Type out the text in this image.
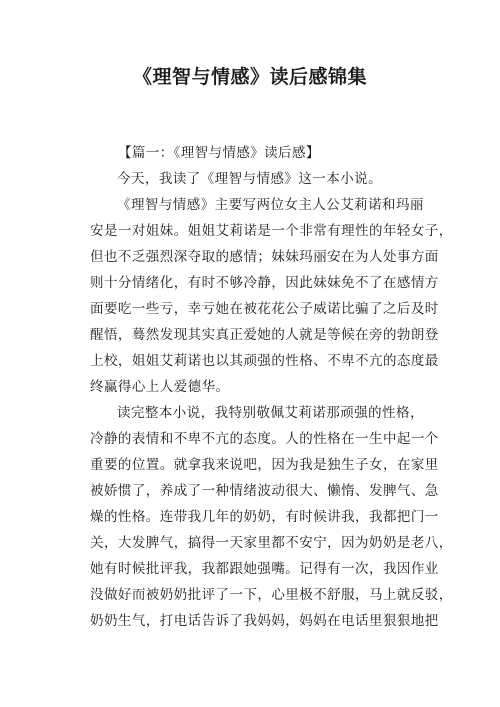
《理智与情感》读后感锦集
【篇一：《理智与情感》读后感】
今天，我读了《理智与情感》这一本小说。
《理智与情感》主要写两位女主人公艾莉诺和玛丽
安是一对姐妹。姐姐艾莉诺是一个非常有理性的年轻女子，
但也不乏强烈深夺取的感情；妹妹玛丽安在为人处事方面
则十分情绪化，有时不够冷静，因此妹妹免不了在感情方
面要吃一些亏，幸亏她在被花花公子威诺比骗了之后及时
醒悟，蓦然发现其实真正爱她的人就是等候在旁的勃朗登
上校，姐姐艾莉诺也以其顽强的性格、不卑不亢的态度最
终赢得心上人爱德华。
读完整本小说，我特别敬佩艾莉诺那顽强的性格，
冷静的表情和不卑不亢的态度。人的性格在一生中起一个
重要的位置。就拿我来说吧，因为我是独生子女，在家里
被娇惯了，养成了一种情绪波动很大、懒惰、发脾气、急
燥的性格。连带我几年的奶奶，有时候讲我，我都把门一
关，大发脾气，搞得一天家里都不安宁，因为奶奶是老八，
她有时候批评我，我都跟她强嘴。记得有一次，我因作业
没做好而被奶奶批评了一下，心里极不舒服，马上就反驳，
奶奶生气，打电话告诉了我妈妈，妈妈在电话里狠狠地把
